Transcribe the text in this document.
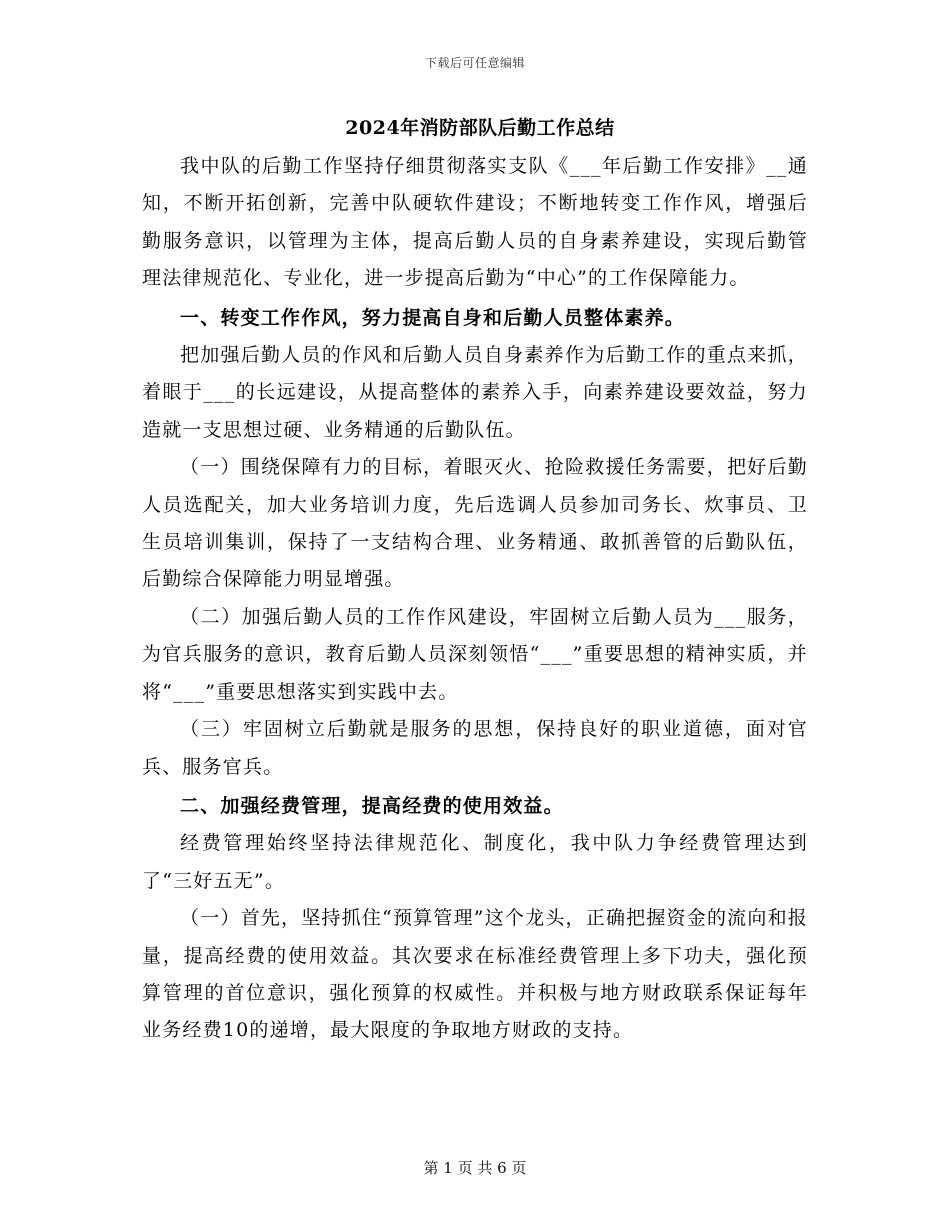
下载后可任意编辑
2024年消防部队后勤工作总结

我中队的后勤工作坚持仔细贯彻落实支队《___年后勤工作安排》__通知，不断开拓创新，完善中队硬软件建设；不断地转变工作作风，增强后勤服务意识，以管理为主体，提高后勤人员的自身素养建设，实现后勤管理法律规范化、专业化，进一步提高后勤为“中心”的工作保障能力。

一、转变工作作风，努力提高自身和后勤人员整体素养。

把加强后勤人员的作风和后勤人员自身素养作为后勤工作的重点来抓，着眼于___的长远建设，从提高整体的素养入手，向素养建设要效益，努力造就一支思想过硬、业务精通的后勤队伍。

（一）围绕保障有力的目标，着眼灭火、抢险救援任务需要，把好后勤人员选配关，加大业务培训力度，先后选调人员参加司务长、炊事员、卫生员培训集训，保持了一支结构合理、业务精通、敢抓善管的后勤队伍，后勤综合保障能力明显增强。

（二）加强后勤人员的工作作风建设，牢固树立后勤人员为___服务，为官兵服务的意识，教育后勤人员深刻领悟“___”重要思想的精神实质，并将“___”重要思想落实到实践中去。

（三）牢固树立后勤就是服务的思想，保持良好的职业道德，面对官兵、服务官兵。

二、加强经费管理，提高经费的使用效益。

经费管理始终坚持法律规范化、制度化，我中队力争经费管理达到了“三好五无”。

（一）首先，坚持抓住“预算管理”这个龙头，正确把握资金的流向和报量，提高经费的使用效益。其次要求在标准经费管理上多下功夫，强化预算管理的首位意识，强化预算的权威性。并积极与地方财政联系保证每年业务经费10的递增，最大限度的争取地方财政的支持。

第 1 页 共 6 页
